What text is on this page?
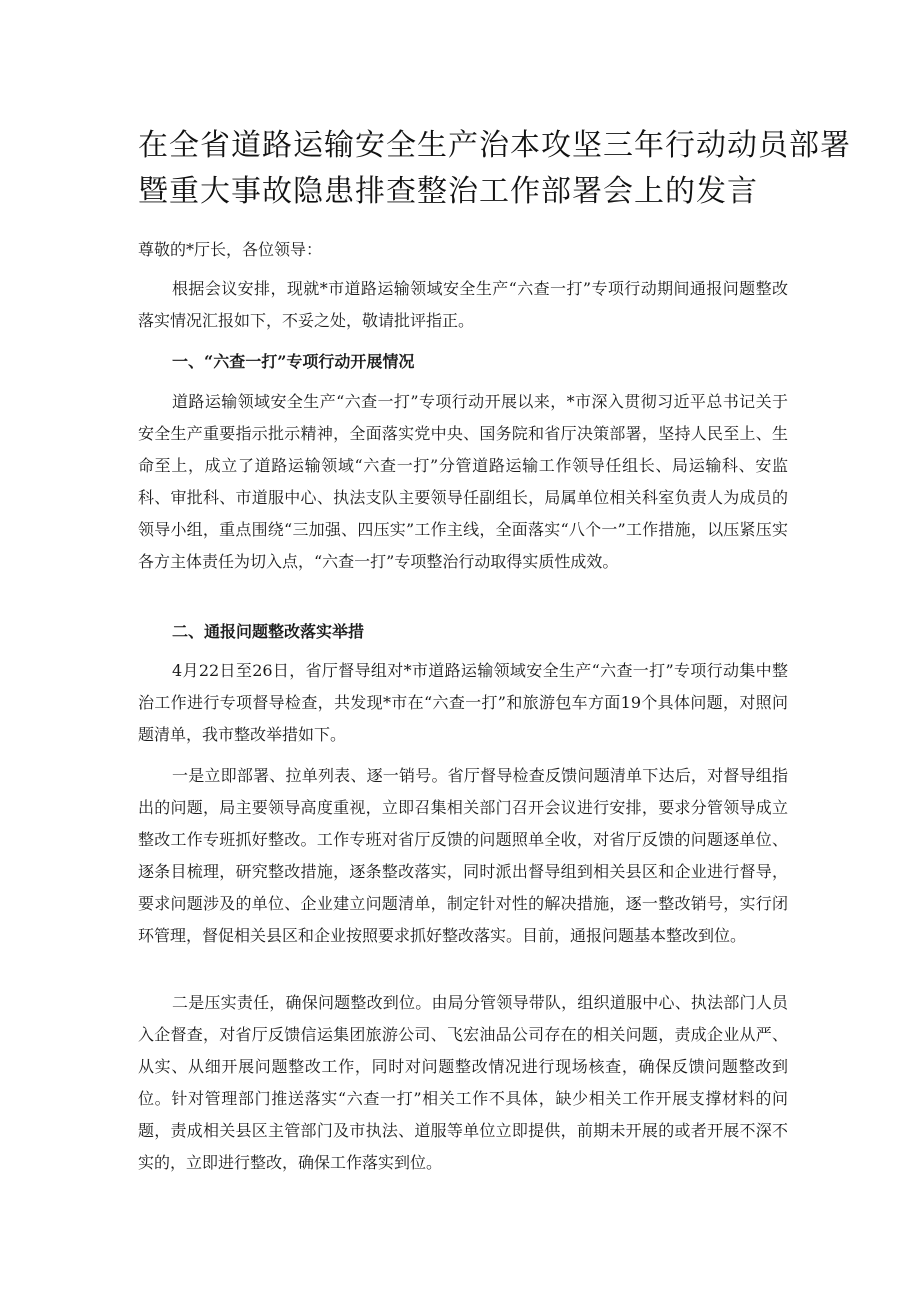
在全省道路运输安全生产治本攻坚三年行动动员部署
暨重大事故隐患排查整治工作部署会上的发言

尊敬的*厅长，各位领导：

根据会议安排，现就*市道路运输领域安全生产“六查一打”专项行动期间通报问题整改落实情况汇报如下，不妥之处，敬请批评指正。

一、“六查一打”专项行动开展情况

道路运输领域安全生产“六查一打”专项行动开展以来，*市深入贯彻习近平总书记关于安全生产重要指示批示精神，全面落实党中央、国务院和省厅决策部署，坚持人民至上、生命至上，成立了道路运输领域“六查一打”分管道路运输工作领导任组长、局运输科、安监科、审批科、市道服中心、执法支队主要领导任副组长，局属单位相关科室负责人为成员的领导小组，重点围绕“三加强、四压实”工作主线，全面落实“八个一”工作措施，以压紧压实各方主体责任为切入点，“六查一打”专项整治行动取得实质性成效。

二、通报问题整改落实举措

4月22日至26日，省厅督导组对*市道路运输领域安全生产“六查一打”专项行动集中整治工作进行专项督导检查，共发现*市在“六查一打”和旅游包车方面19个具体问题，对照问题清单，我市整改举措如下。

一是立即部署、拉单列表、逐一销号。省厅督导检查反馈问题清单下达后，对督导组指出的问题，局主要领导高度重视，立即召集相关部门召开会议进行安排，要求分管领导成立整改工作专班抓好整改。工作专班对省厅反馈的问题照单全收，对省厅反馈的问题逐单位、逐条目梳理，研究整改措施，逐条整改落实，同时派出督导组到相关县区和企业进行督导，要求问题涉及的单位、企业建立问题清单，制定针对性的解决措施，逐一整改销号，实行闭环管理，督促相关县区和企业按照要求抓好整改落实。目前，通报问题基本整改到位。

二是压实责任，确保问题整改到位。由局分管领导带队，组织道服中心、执法部门人员入企督查，对省厅反馈信运集团旅游公司、飞宏油品公司存在的相关问题，责成企业从严、从实、从细开展问题整改工作，同时对问题整改情况进行现场核查，确保反馈问题整改到位。针对管理部门推送落实“六查一打”相关工作不具体，缺少相关工作开展支撑材料的问题，责成相关县区主管部门及市执法、道服等单位立即提供，前期未开展的或者开展不深不实的，立即进行整改，确保工作落实到位。
